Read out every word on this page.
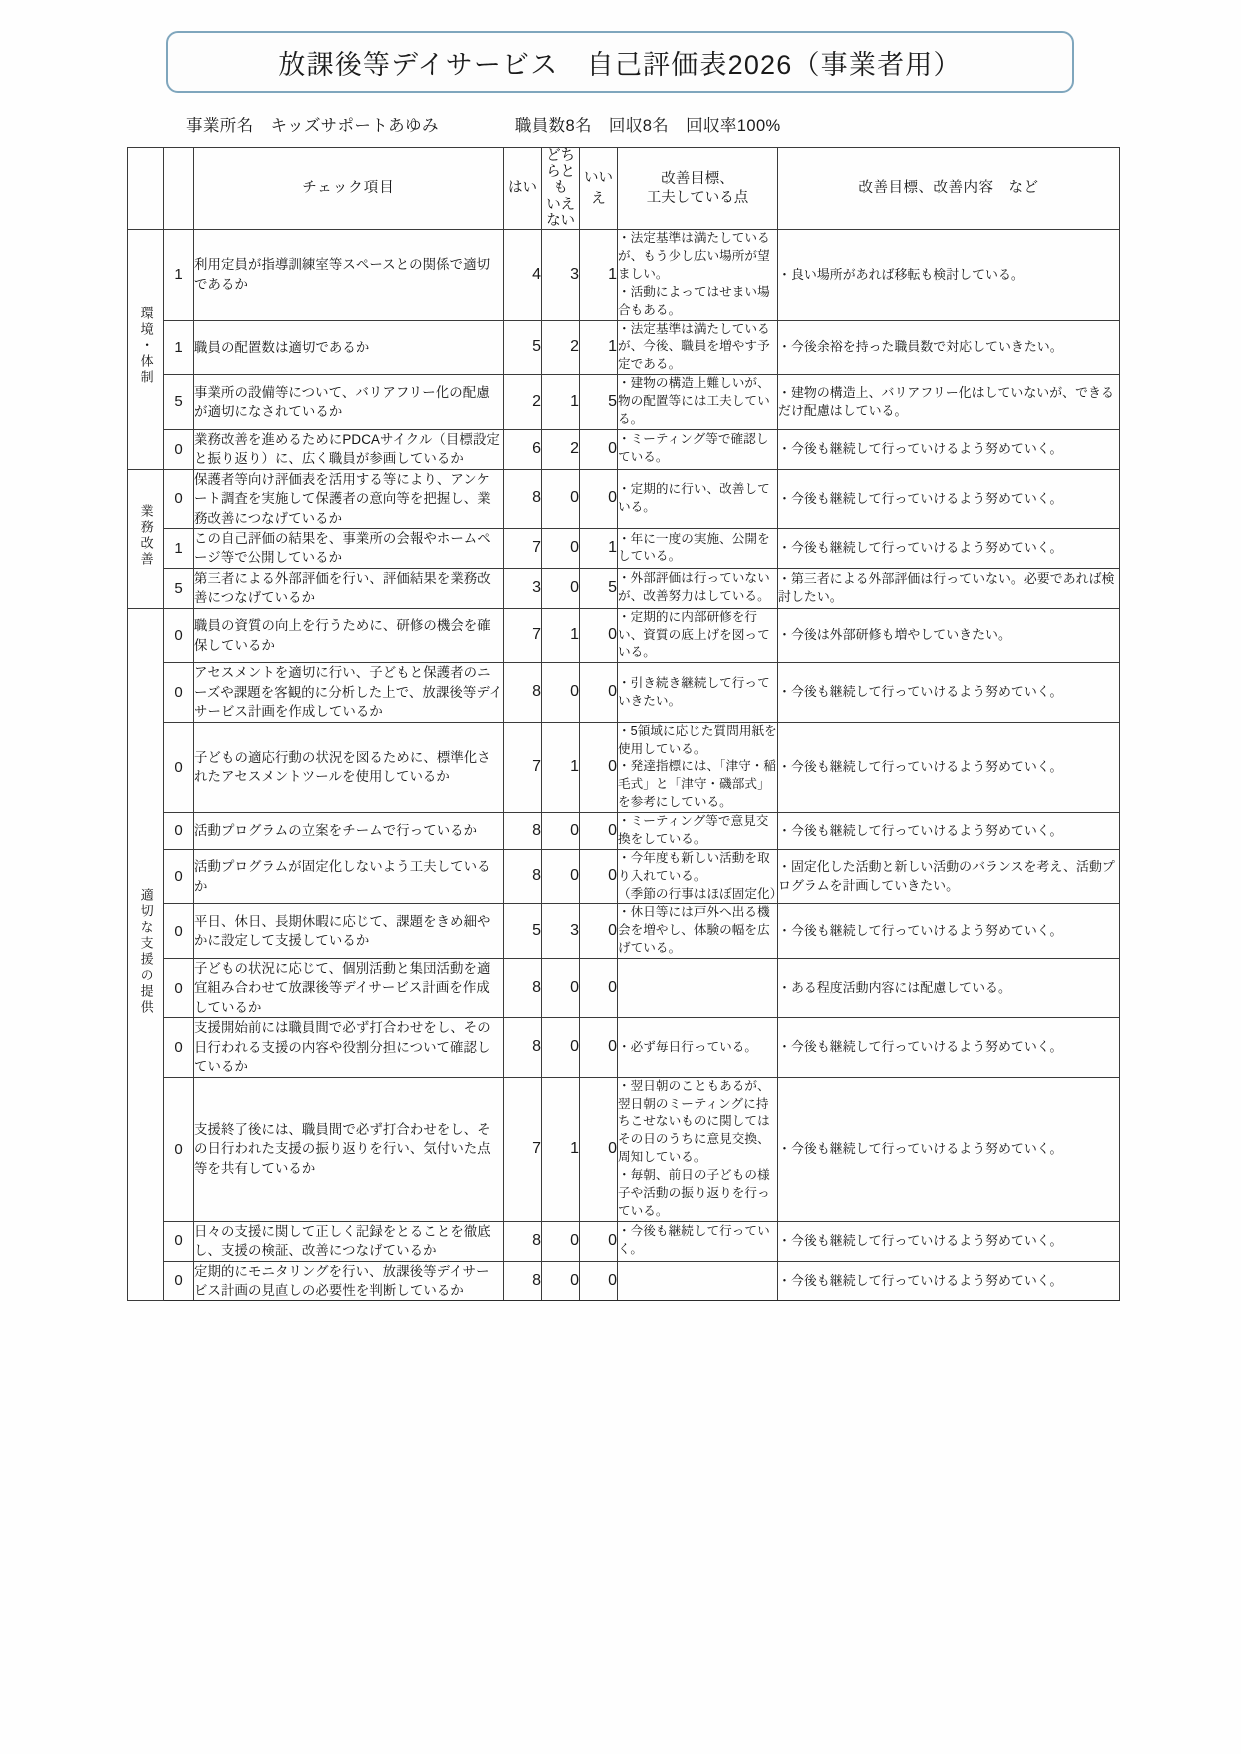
放課後等デイサービス　自己評価表2026（事業者用）
事業所名　キッズサポートあゆみ	職員数8名　回収8名　回収率100%
		チェック項目	はい	どちらとも
いえない	いいえ	改善目標、
工夫している点	改善目標、改善内容　など
環境・体制	1	利用定員が指導訓練室等スペースとの関係で適切であるか	4	3	1	・法定基準は満たしているが、もう少し広い場所が望ましい。
・活動によってはせまい場合もある。	・良い場所があれば移転も検討している。
	1	職員の配置数は適切であるか	5	2	1	・法定基準は満たしているが、今後、職員を増やす予定である。	・今後余裕を持った職員数で対応していきたい。
	5	事業所の設備等について、バリアフリー化の配慮が適切になされているか	2	1	5	・建物の構造上難しいが、物の配置等には工夫している。	・建物の構造上、バリアフリー化はしていないが、できるだけ配慮はしている。
	0	業務改善を進めるためにPDCAサイクル（目標設定と振り返り）に、広く職員が参画しているか	6	2	0	・ミーティング等で確認している。	・今後も継続して行っていけるよう努めていく。
業務改善	0	保護者等向け評価表を活用する等により、アンケート調査を実施して保護者の意向等を把握し、業務改善につなげているか	8	0	0	・定期的に行い、改善している。	・今後も継続して行っていけるよう努めていく。
	1	この自己評価の結果を、事業所の会報やホームページ等で公開しているか	7	0	1	・年に一度の実施、公開をしている。	・今後も継続して行っていけるよう努めていく。
	5	第三者による外部評価を行い、評価結果を業務改善につなげているか	3	0	5	・外部評価は行っていないが、改善努力はしている。	・第三者による外部評価は行っていない。必要であれば検討したい。
適切な支援の提供	0	職員の資質の向上を行うために、研修の機会を確保しているか	7	1	0	・定期的に内部研修を行い、資質の底上げを図っている。	・今後は外部研修も増やしていきたい。
	0	アセスメントを適切に行い、子どもと保護者のニーズや課題を客観的に分析した上で、放課後等デイサービス計画を作成しているか	8	0	0	・引き続き継続して行っていきたい。	・今後も継続して行っていけるよう努めていく。
	0	子どもの適応行動の状況を図るために、標準化されたアセスメントツールを使用しているか	7	1	0	・5領域に応じた質問用紙を使用している。
・発達指標には、「津守・稲毛式」と「津守・磯部式」を参考にしている。	・今後も継続して行っていけるよう努めていく。
	0	活動プログラムの立案をチームで行っているか	8	0	0	・ミーティング等で意見交換をしている。	・今後も継続して行っていけるよう努めていく。
	0	活動プログラムが固定化しないよう工夫しているか	8	0	0	・今年度も新しい活動を取り入れている。
（季節の行事はほぼ固定化）	・固定化した活動と新しい活動のバランスを考え、活動プログラムを計画していきたい。
	0	平日、休日、長期休暇に応じて、課題をきめ細やかに設定して支援しているか	5	3	0	・休日等には戸外へ出る機会を増やし、体験の幅を広げている。	・今後も継続して行っていけるよう努めていく。
	0	子どもの状況に応じて、個別活動と集団活動を適宜組み合わせて放課後等デイサービス計画を作成しているか	8	0	0		・ある程度活動内容には配慮している。
	0	支援開始前には職員間で必ず打合わせをし、その日行われる支援の内容や役割分担について確認しているか	8	0	0	・必ず毎日行っている。	・今後も継続して行っていけるよう努めていく。
	0	支援終了後には、職員間で必ず打合わせをし、その日行われた支援の振り返りを行い、気付いた点等を共有しているか	7	1	0	・翌日朝のこともあるが、翌日朝のミーティングに持ちこせないものに関してはその日のうちに意見交換、周知している。
・毎朝、前日の子どもの様子や活動の振り返りを行っている。	・今後も継続して行っていけるよう努めていく。
	0	日々の支援に関して正しく記録をとることを徹底し、支援の検証、改善につなげているか	8	0	0	・今後も継続して行っていく。	・今後も継続して行っていけるよう努めていく。
	0	定期的にモニタリングを行い、放課後等デイサービス計画の見直しの必要性を判断しているか	8	0	0		・今後も継続して行っていけるよう努めていく。
